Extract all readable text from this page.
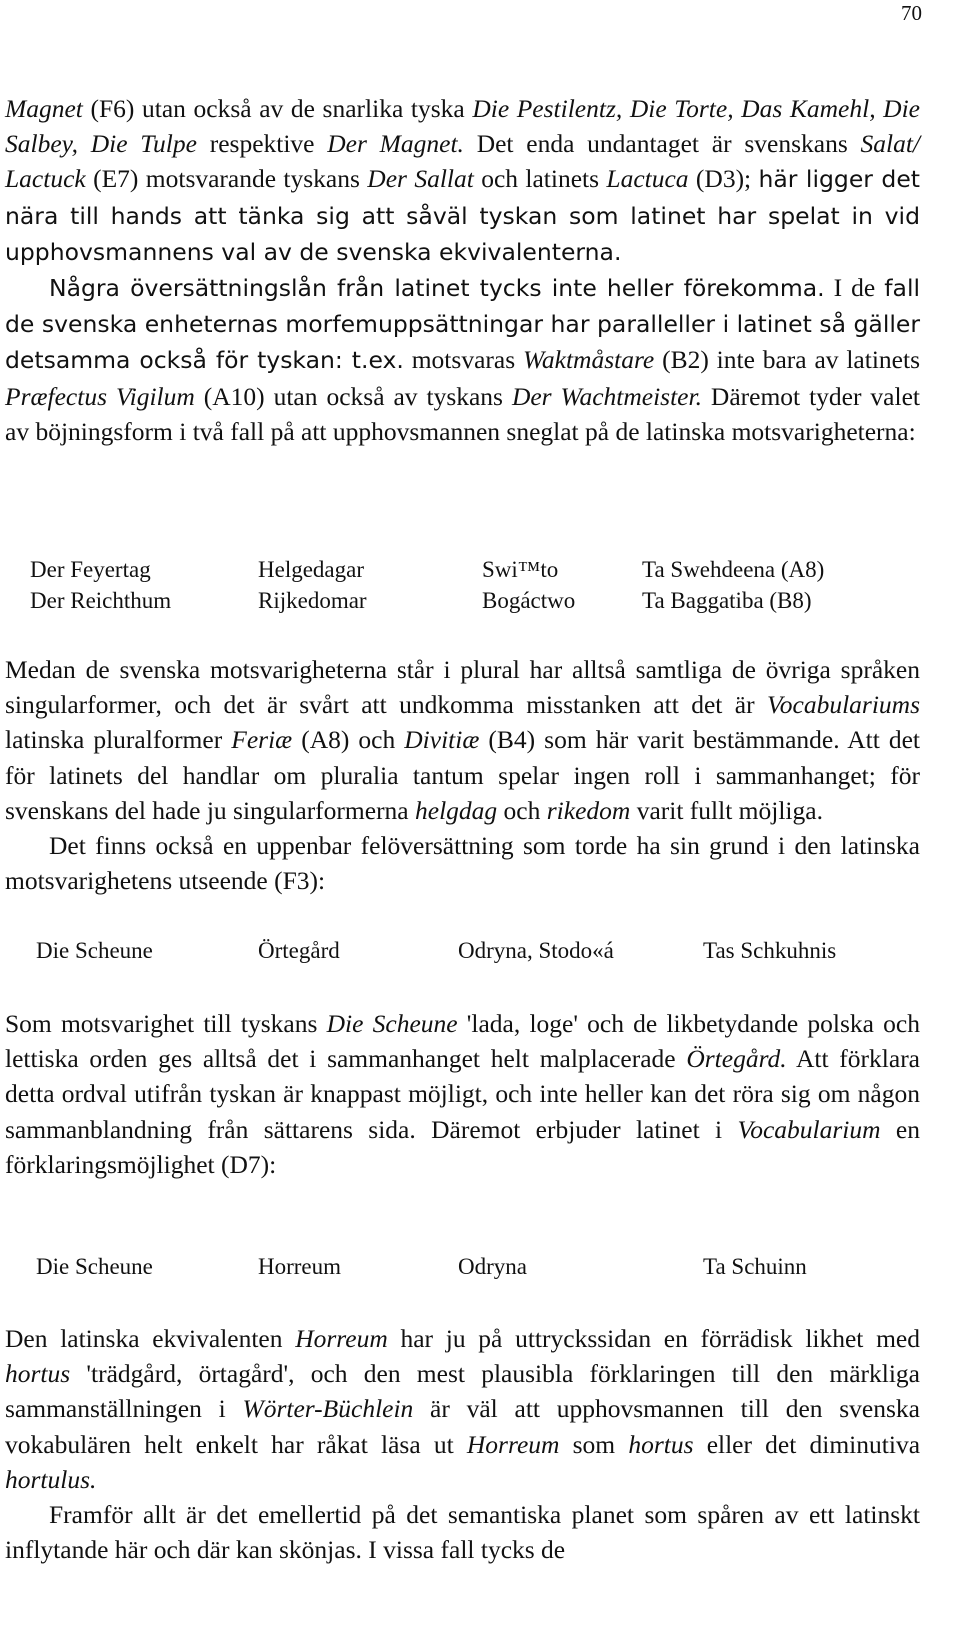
70

Magnet (F6) utan också av de snarlika tyska Die Pestilentz, Die Torte, Das Kamehl, Die Salbey, Die Tulpe respektive Der Magnet. Det enda undantaget är svenskans Salat/ Lactuck (E7) motsvarande tyskans Der Sallat och latinets Lactuca (D3); här ligger det nära till hands att tänka sig att såväl tyskan som latinet har spelat in vid upphovsmannens val av de svenska ekvivalenterna.

Några översättningslån från latinet tycks inte heller förekomma. I de fall de svenska enheternas morfemuppsättningar har paralleller i latinet så gäller detsamma också för tyskan: t.ex. motsvaras Waktmåstare (B2) inte bara av latinets Præfectus Vigilum (A10) utan också av tyskans Der Wachtmeister. Däremot tyder valet av böjningsform i två fall på att upphovsmannen sneglat på de latinska motsvarigheterna:

Der Feyertag	Helgedagar	Swi™to	Ta Swehdeena (A8)
Der Reichthum	Rijkedomar	Bogáctwo	Ta Baggatiba (B8)

Medan de svenska motsvarigheterna står i plural har alltså samtliga de övriga språken singularformer, och det är svårt att undkomma misstanken att det är Vocabulariums latinska pluralformer Feriæ (A8) och Divitiæ (B4) som här varit bestämmande. Att det för latinets del handlar om pluralia tantum spelar ingen roll i sammanhanget; för svenskans del hade ju singularformerna helgdag och rikedom varit fullt möjliga.

Det finns också en uppenbar felöversättning som torde ha sin grund i den latinska motsvarighetens utseende (F3):

Die Scheune	Örtegård	Odryna, Stodo«á	Tas Schkuhnis

Som motsvarighet till tyskans Die Scheune 'lada, loge' och de likbetydande polska och lettiska orden ges alltså det i sammanhanget helt malplacerade Örtegård. Att förklara detta ordval utifrån tyskan är knappast möjligt, och inte heller kan det röra sig om någon sammanblandning från sättarens sida. Däremot erbjuder latinet i Vocabularium en förklaringsmöjlighet (D7):

Die Scheune	Horreum	Odryna	Ta Schuinn

Den latinska ekvivalenten Horreum har ju på uttryckssidan en förrädisk likhet med hortus 'trädgård, örtagård', och den mest plausibla förklaringen till den märkliga sammanställningen i Wörter-Büchlein är väl att upphovsmannen till den svenska vokabulären helt enkelt har råkat läsa ut Horreum som hortus eller det diminutiva hortulus.

Framför allt är det emellertid på det semantiska planet som spåren av ett latinskt inflytande här och där kan skönjas. I vissa fall tycks de
